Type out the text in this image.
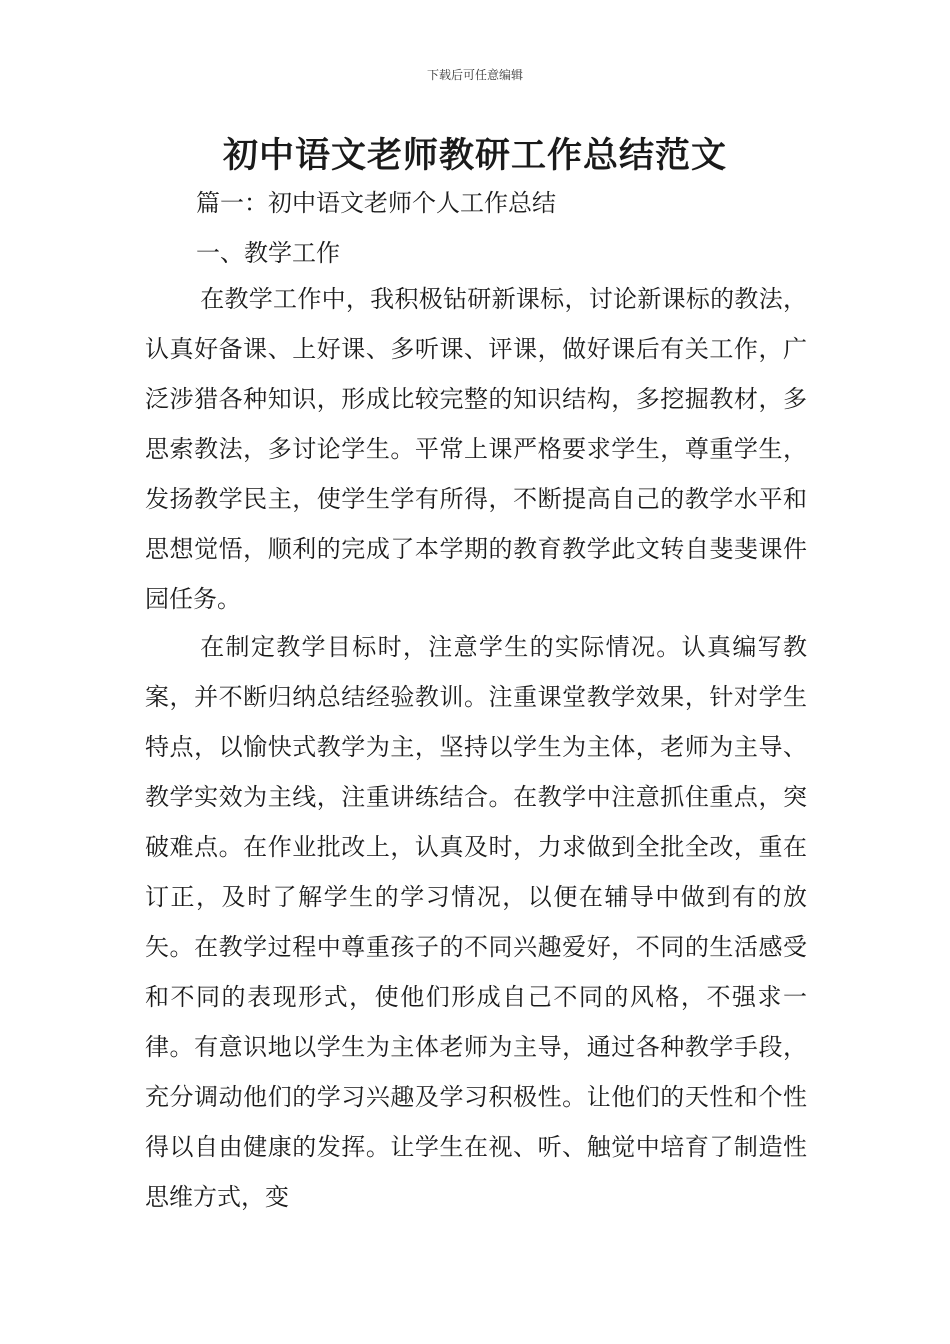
下载后可任意编辑
初中语文老师教研工作总结范文
篇一：初中语文老师个人工作总结
一、教学工作

在教学工作中，我积极钻研新课标，讨论新课标的教法，认真好备课、上好课、多听课、评课，做好课后有关工作，广泛涉猎各种知识，形成比较完整的知识结构，多挖掘教材，多思索教法，多讨论学生。平常上课严格要求学生，尊重学生，发扬教学民主，使学生学有所得，不断提高自己的教学水平和思想觉悟，顺利的完成了本学期的教育教学此文转自斐斐课件园任务。

在制定教学目标时，注意学生的实际情况。认真编写教案，并不断归纳总结经验教训。注重课堂教学效果，针对学生特点，以愉快式教学为主，坚持以学生为主体，老师为主导、教学实效为主线，注重讲练结合。在教学中注意抓住重点，突破难点。在作业批改上，认真及时，力求做到全批全改，重在订正，及时了解学生的学习情况，以便在辅导中做到有的放矢。在教学过程中尊重孩子的不同兴趣爱好，不同的生活感受和不同的表现形式，使他们形成自己不同的风格，不强求一律。有意识地以学生为主体老师为主导，通过各种教学手段，充分调动他们的学习兴趣及学习积极性。让他们的天性和个性得以自由健康的发挥。让学生在视、听、触觉中培育了制造性思维方式，变
